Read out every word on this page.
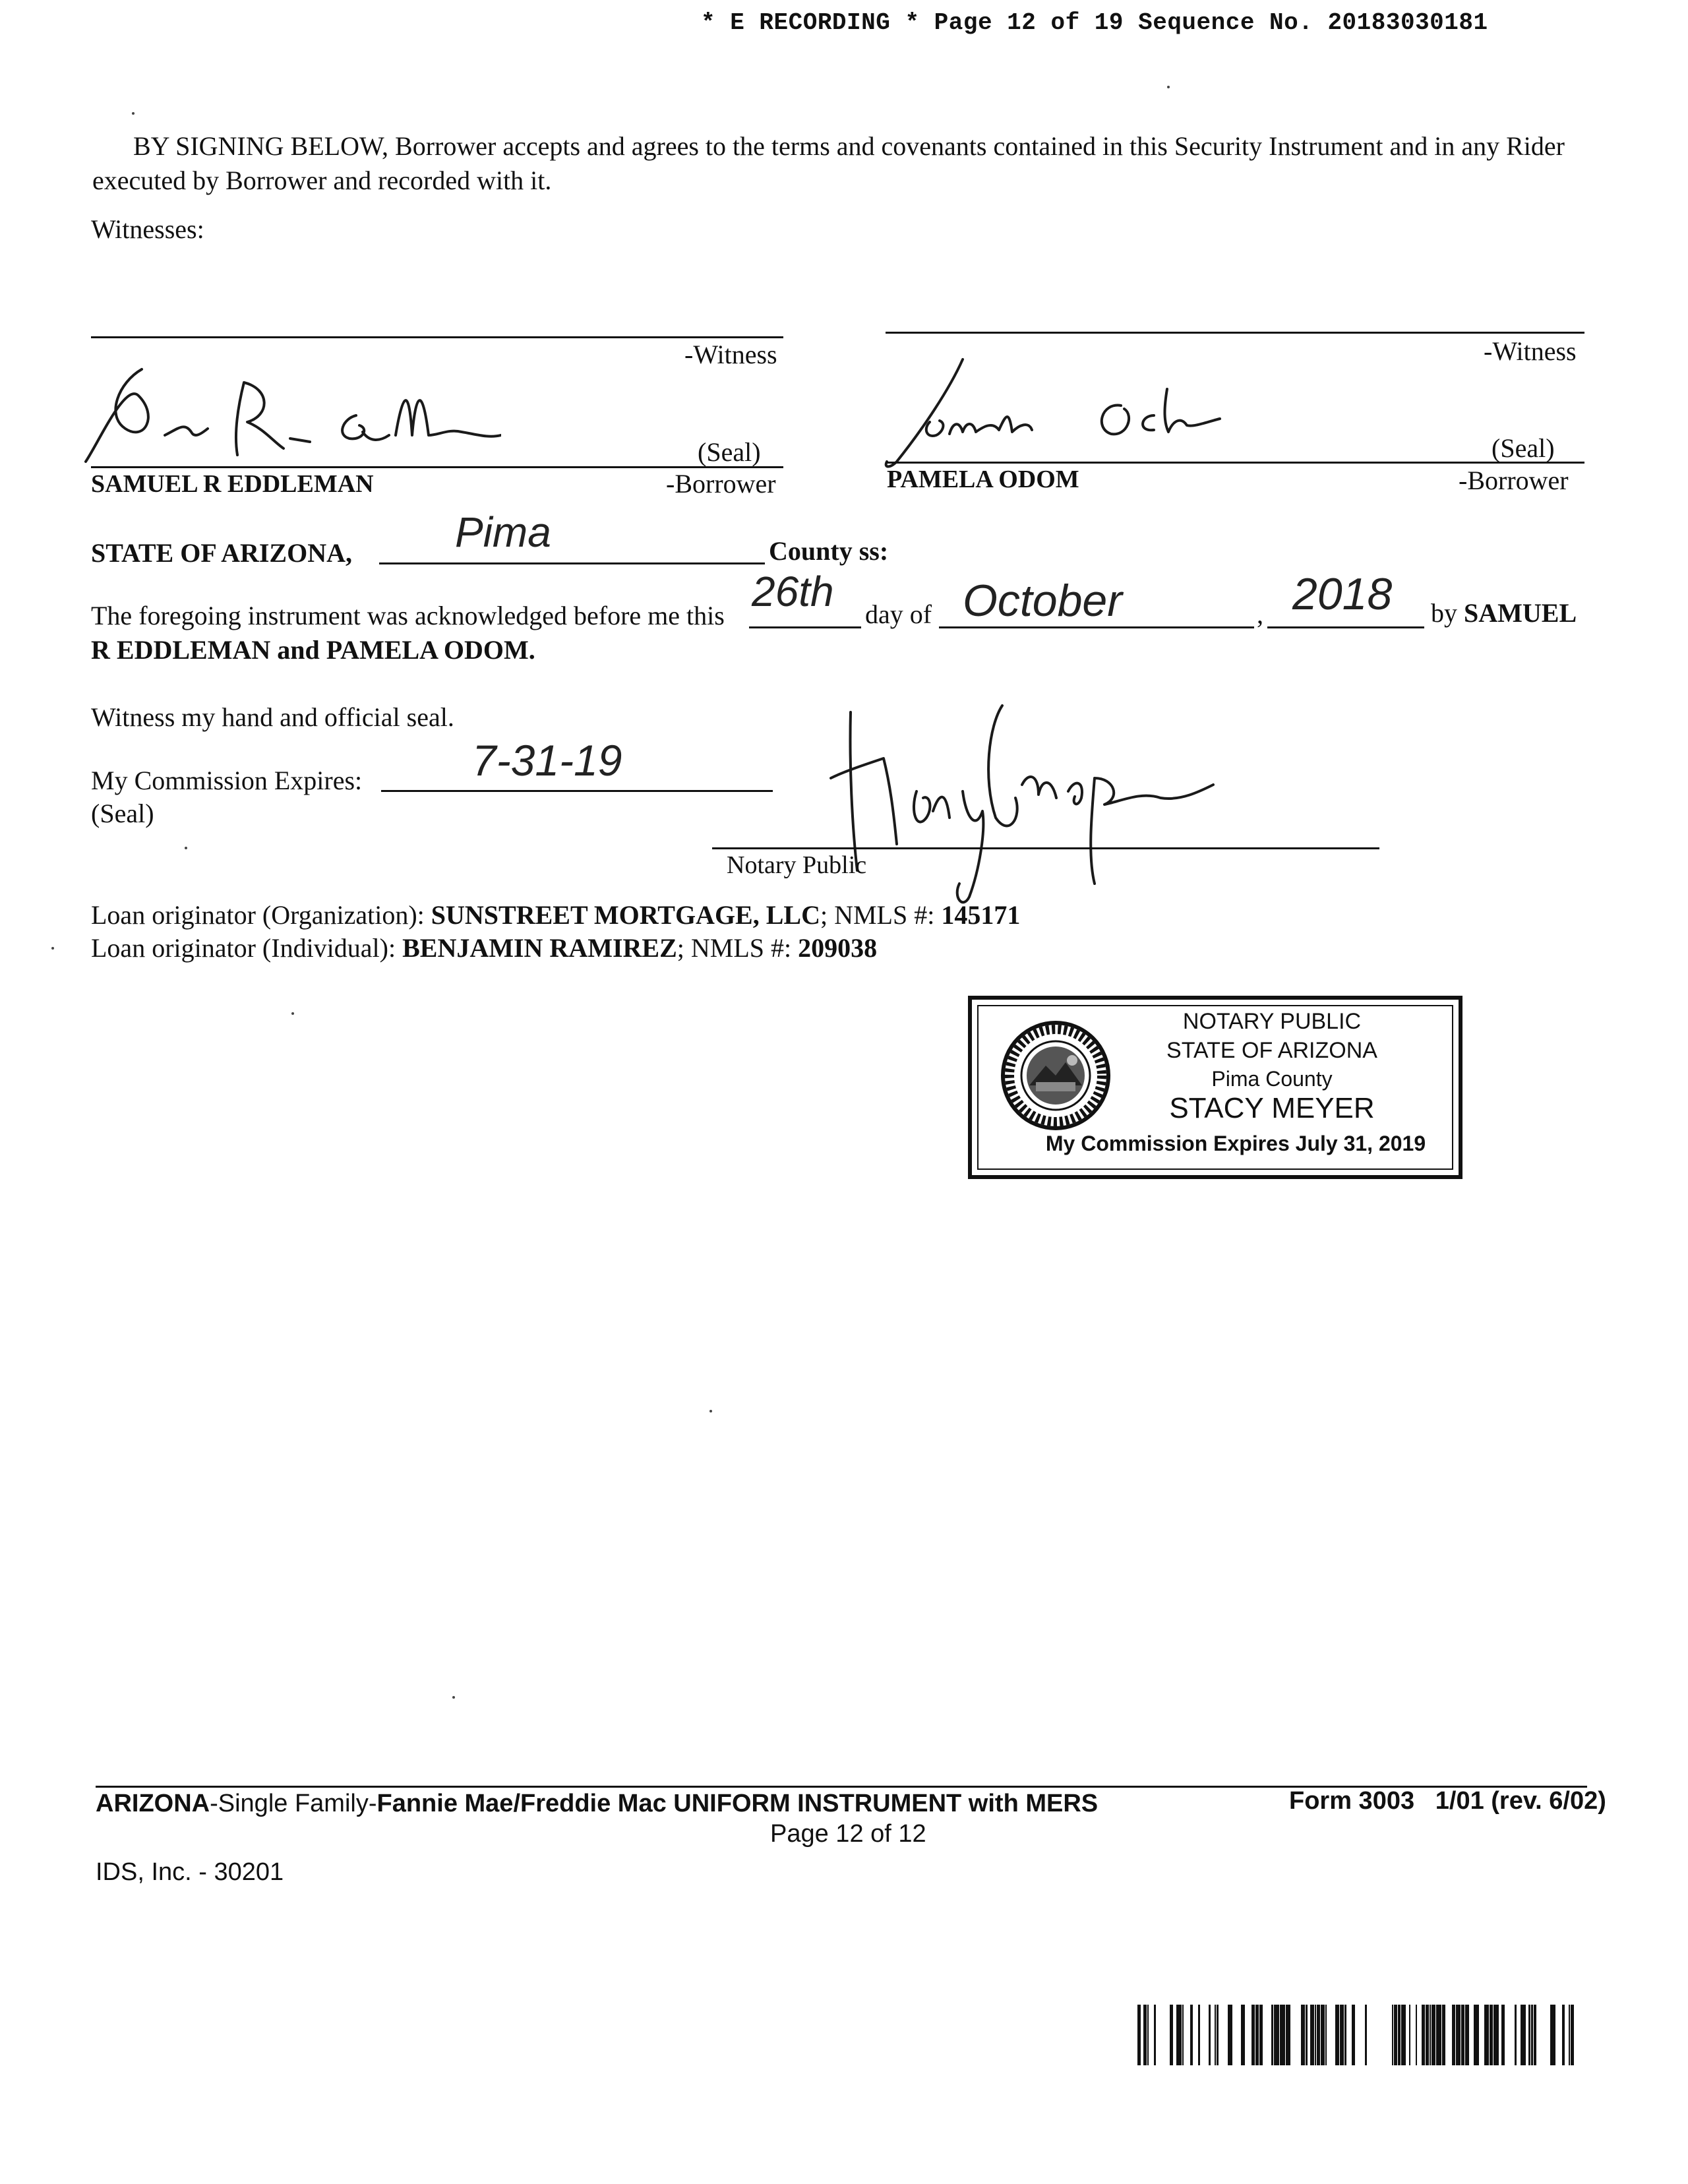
* E RECORDING * Page 12 of 19 Sequence No. 20183030181
BY SIGNING BELOW, Borrower accepts and agrees to the terms and covenants contained in this Security Instrument and in any Rider executed by Borrower and recorded with it.
Witnesses:
-Witness	-Witness
(Seal)
SAMUEL R EDDLEMAN	-Borrower
(Seal)
PAMELA ODOM	-Borrower
STATE OF ARIZONA, Pima	County ss:
The foregoing instrument was acknowledged before me this
26th day of October	, 2018 by SAMUEL
R EDDLEMAN and PAMELA ODOM.
Witness my hand and official seal.
My Commission Expires:	7-31-19
(Seal)
Notary Public
Loan originator (Organization): SUNSTREET MORTGAGE, LLC; NMLS #: 145171
Loan originator (Individual): BENJAMIN RAMIREZ; NMLS #: 209038
NOTARY PUBLIC
STATE OF ARIZONA
Pima County
STACY MEYER
My Commission Expires July 31, 2019
ARIZONA-Single Family-Fannie Mae/Freddie Mac UNIFORM INSTRUMENT with MERS	Form 3003   1/01 (rev. 6/02)
Page 12 of 12
IDS, Inc. - 30201
